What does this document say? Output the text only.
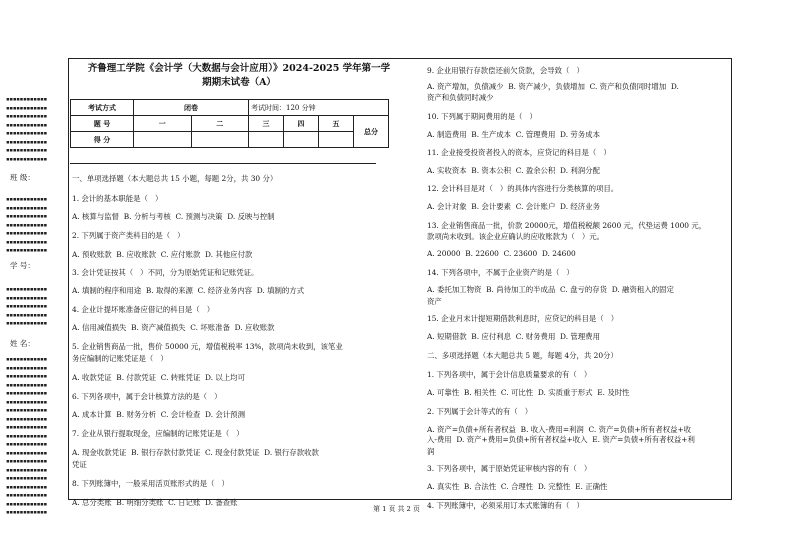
▪▪▪▪▪▪▪▪▪▪▪▪
▪▪▪▪▪▪▪▪▪▪▪▪
▪▪▪▪▪▪▪▪▪▪▪▪
▪▪▪▪▪▪▪▪▪▪▪▪
▪▪▪▪▪▪▪▪▪▪▪▪
▪▪▪▪▪▪▪▪▪▪▪▪
▪▪▪▪▪▪▪▪▪▪▪▪
▪▪▪▪▪▪▪▪▪▪▪▪
班 级：
▪▪▪▪▪▪▪▪▪▪▪▪
▪▪▪▪▪▪▪▪▪▪▪▪
▪▪▪▪▪▪▪▪▪▪▪▪
▪▪▪▪▪▪▪▪▪▪▪▪
▪▪▪▪▪▪▪▪▪▪▪▪
▪▪▪▪▪▪▪▪▪▪▪▪
▪▪▪▪▪▪▪▪▪▪▪▪
学 号：
▪▪▪▪▪▪▪▪▪▪▪▪
▪▪▪▪▪▪▪▪▪▪▪▪
▪▪▪▪▪▪▪▪▪▪▪▪
▪▪▪▪▪▪▪▪▪▪▪▪
▪▪▪▪▪▪▪▪▪▪▪▪
姓 名：
▪▪▪▪▪▪▪▪▪▪▪▪
▪▪▪▪▪▪▪▪▪▪▪▪
▪▪▪▪▪▪▪▪▪▪▪▪
▪▪▪▪▪▪▪▪▪▪▪▪
▪▪▪▪▪▪▪▪▪▪▪▪
▪▪▪▪▪▪▪▪▪▪▪▪
▪▪▪▪▪▪▪▪▪▪▪▪
▪▪▪▪▪▪▪▪▪▪▪▪
▪▪▪▪▪▪▪▪▪▪▪▪
▪▪▪▪▪▪▪▪▪▪▪▪
▪▪▪▪▪▪▪▪▪▪▪▪
▪▪▪▪▪▪▪▪▪▪▪▪
▪▪▪▪▪▪▪▪▪▪▪▪
▪▪▪▪▪▪▪▪▪▪▪▪
▪▪▪▪▪▪▪▪▪▪▪▪
▪▪▪▪▪▪▪▪▪▪▪▪
▪▪▪▪▪▪▪▪▪▪▪▪
▪▪▪▪▪▪▪▪▪▪▪▪
▪▪▪▪▪▪▪▪▪▪▪▪
齐鲁理工学院《会计学（大数据与会计应用）》2024-2025 学年第一学
期期末试卷（A）
考试方式	闭卷		考试时间：120 分钟			
题 号	一	二	三	四	五	总分
得 分						
一、单项选择题（本大题总共 15 小题，每题 2分，共 30 分）
1. 会计的基本职能是（   ）
A. 核算与监督  B. 分析与考核  C. 预测与决策  D. 反映与控制
2. 下列属于资产类科目的是（   ）
A. 预收账款  B. 应收账款  C. 应付账款  D. 其他应付款
3. 会计凭证按其（   ）不同，分为原始凭证和记账凭证。
A. 填制的程序和用途  B. 取得的来源  C. 经济业务内容  D. 填制的方式
4. 企业计提坏账准备应借记的科目是（   ）
A. 信用减值损失  B. 资产减值损失  C. 坏账准备  D. 应收账款
5. 企业销售商品一批，售价 50000 元，增值税税率 13%，款项尚未收到，该笔业
务应编制的记账凭证是（   ）
A. 收款凭证  B. 付款凭证  C. 转账凭证  D. 以上均可
6. 下列各项中，属于会计核算方法的是（   ）
A. 成本计算  B. 财务分析  C. 会计检查  D. 会计预测
7. 企业从银行提取现金，应编制的记账凭证是（   ）
A. 现金收款凭证  B. 银行存款付款凭证  C. 现金付款凭证  D. 银行存款收款
凭证
8. 下列账簿中，一般采用活页账形式的是（   ）
A. 总分类账  B. 明细分类账  C. 日记账  D. 备查账
9. 企业用银行存款偿还前欠货款，会导致（   ）
A. 资产增加，负债减少  B. 资产减少，负债增加  C. 资产和负债同时增加  D.
资产和负债同时减少
10. 下列属于期间费用的是（   ）
A. 制造费用  B. 生产成本  C. 管理费用  D. 劳务成本
11. 企业接受投资者投入的资本，应贷记的科目是（   ）
A. 实收资本  B. 资本公积  C. 盈余公积  D. 利润分配
12. 会计科目是对（   ）的具体内容进行分类核算的项目。
A. 会计对象  B. 会计要素  C. 会计账户  D. 经济业务
13. 企业销售商品一批，价款 20000元，增值税税额 2600 元，代垫运费 1000 元，
款项尚未收到。该企业应确认的应收账款为（   ）元。
A. 20000  B. 22600  C. 23600  D. 24600
14. 下列各项中，不属于企业资产的是（   ）
A. 委托加工物资  B. 尚待加工的半成品  C. 盘亏的存货  D. 融资租入的固定
资产
15. 企业月末计提短期借款利息时，应贷记的科目是（   ）
A. 短期借款  B. 应付利息  C. 财务费用  D. 管理费用
二、多项选择题（本大题总共 5 题，每题 4分，共 20分）
1. 下列各项中，属于会计信息质量要求的有（   ）
A. 可靠性  B. 相关性  C. 可比性  D. 实质重于形式  E. 及时性
2. 下列属于会计等式的有（   ）
A. 资产=负债+所有者权益  B. 收入-费用=利润  C. 资产=负债+所有者权益+收
入-费用  D. 资产+费用=负债+所有者权益+收入  E. 资产=负债+所有者权益+利
润
3. 下列各项中，属于原始凭证审核内容的有（   ）
A. 真实性  B. 合法性  C. 合理性  D. 完整性  E. 正确性
4. 下列账簿中，必须采用订本式账簿的有（   ）
第 1 页 共 2 页
